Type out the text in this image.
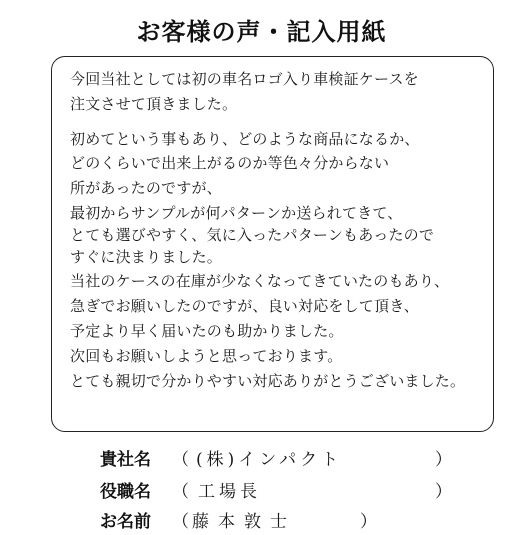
お客様の声・記入用紙
今回当社としては初の車名ロゴ入り車検証ケースを
注文させて頂きました。
初めてという事もあり、どのような商品になるか、
どのくらいで出来上がるのか等色々分からない
所があったのですが、
最初からサンプルが何パターンか送られてきて、
とても選びやすく、気に入ったパターンもあったので
すぐに決まりました。
当社のケースの在庫が少なくなってきていたのもあり、
急ぎでお願いしたのですが、良い対応をして頂き、
予定より早く届いたのも助かりました。
次回もお願いしようと思っております。
とても親切で分かりやすい対応ありがとうございました。
貴社名 （ (株)インパクト	）
役職名 （ 工場長	）
お名前 （ 藤本敦士	）
